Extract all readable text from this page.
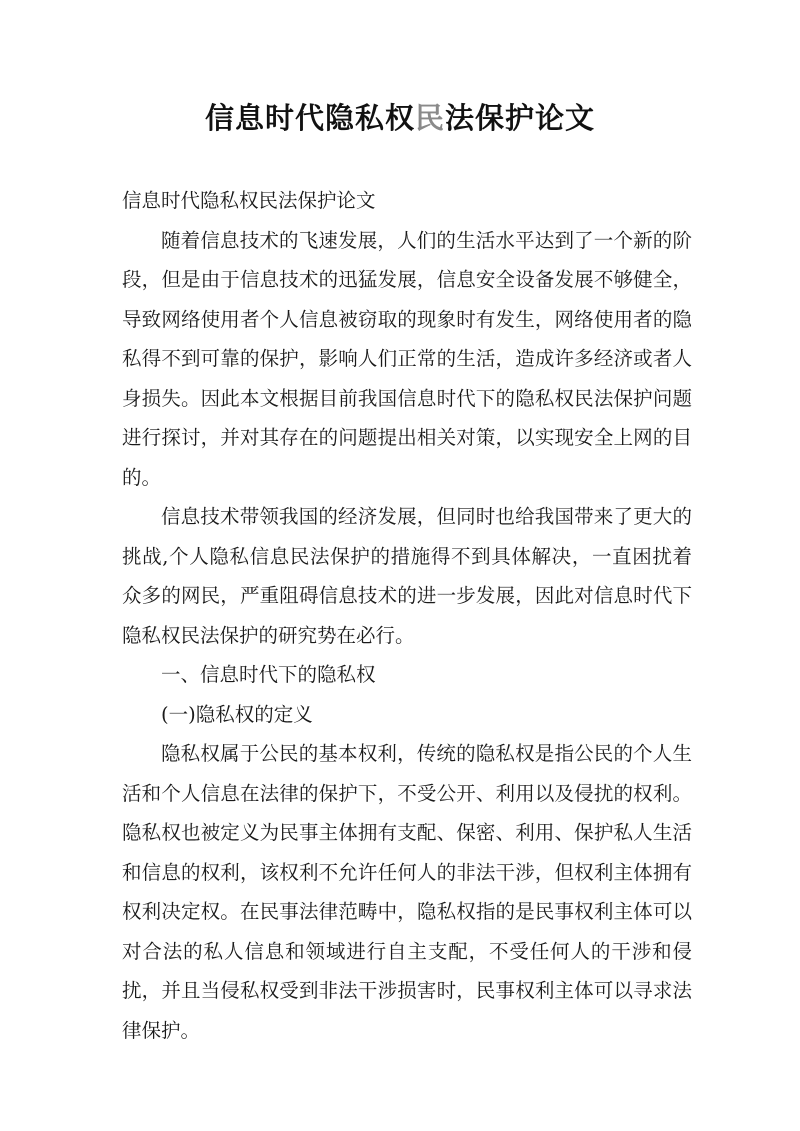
信息时代隐私权民法保护论文

信息时代隐私权民法保护论文

随着信息技术的飞速发展，人们的生活水平达到了一个新的阶段，但是由于信息技术的迅猛发展，信息安全设备发展不够健全，导致网络使用者个人信息被窃取的现象时有发生，网络使用者的隐私得不到可靠的保护，影响人们正常的生活，造成许多经济或者人身损失。因此本文根据目前我国信息时代下的隐私权民法保护问题进行探讨，并对其存在的问题提出相关对策，以实现安全上网的目的。

信息技术带领我国的经济发展，但同时也给我国带来了更大的挑战,个人隐私信息民法保护的措施得不到具体解决，一直困扰着众多的网民，严重阻碍信息技术的进一步发展，因此对信息时代下隐私权民法保护的研究势在必行。

一、信息时代下的隐私权

(一)隐私权的定义

隐私权属于公民的基本权利，传统的隐私权是指公民的个人生活和个人信息在法律的保护下，不受公开、利用以及侵扰的权利。隐私权也被定义为民事主体拥有支配、保密、利用、保护私人生活和信息的权利，该权利不允许任何人的非法干涉，但权利主体拥有权利决定权。在民事法律范畴中，隐私权指的是民事权利主体可以对合法的私人信息和领域进行自主支配，不受任何人的干涉和侵扰，并且当侵私权受到非法干涉损害时，民事权利主体可以寻求法律保护。
